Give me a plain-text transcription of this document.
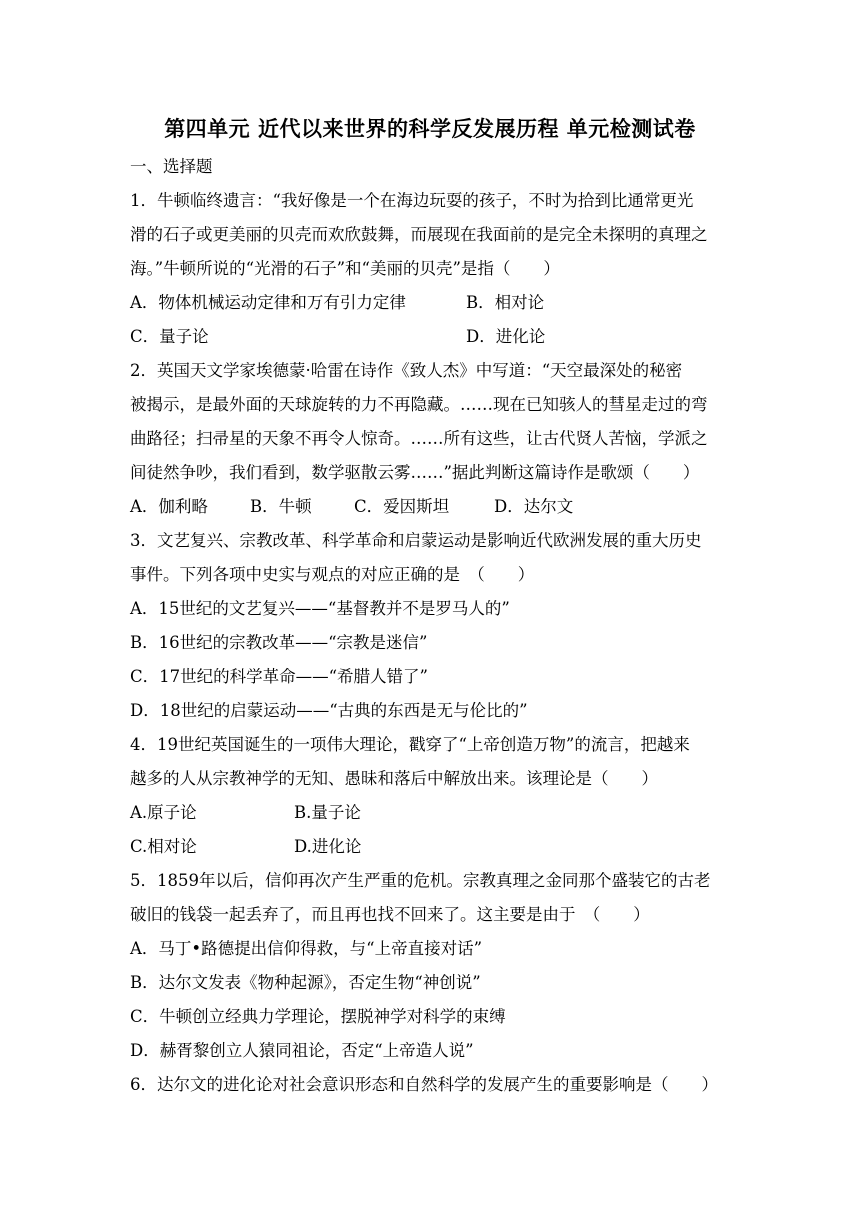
第四单元 近代以来世界的科学反发展历程 单元检测试卷
一、选择题
1．牛顿临终遗言：“我好像是一个在海边玩耍的孩子，不时为拾到比通常更光
滑的石子或更美丽的贝壳而欢欣鼓舞，而展现在我面前的是完全未探明的真理之
海。”牛顿所说的“光滑的石子”和“美丽的贝壳”是指（　　）
A．物体机械运动定律和万有引力定律	B．相对论
C．量子论	D．进化论
2．英国天文学家埃德蒙·哈雷在诗作《致人杰》中写道：“天空最深处的秘密
被揭示，是最外面的天球旋转的力不再隐藏。……现在已知骇人的彗星走过的弯
曲路径；扫帚星的天象不再令人惊奇。……所有这些，让古代贤人苦恼，学派之
间徒然争吵，我们看到，数学驱散云雾……”据此判断这篇诗作是歌颂（　　）
A．伽利略	B．牛顿	C．爱因斯坦	D．达尔文
3．文艺复兴、宗教改革、科学革命和启蒙运动是影响近代欧洲发展的重大历史
事件。下列各项中史实与观点的对应正确的是　（　　）
A．15世纪的文艺复兴——“基督教并不是罗马人的”
B．16世纪的宗教改革——“宗教是迷信”
C．17世纪的科学革命——“希腊人错了”
D．18世纪的启蒙运动——“古典的东西是无与伦比的”
4．19世纪英国诞生的一项伟大理论，戳穿了“上帝创造万物”的流言，把越来
越多的人从宗教神学的无知、愚昧和落后中解放出来。该理论是（　　）
A.原子论	B.量子论
C.相对论	D.进化论
5．1859年以后，信仰再次产生严重的危机。宗教真理之金同那个盛装它的古老
破旧的钱袋一起丢弃了，而且再也找不回来了。这主要是由于　（　　）
A．马丁•路德提出信仰得救，与“上帝直接对话”
B．达尔文发表《物种起源》，否定生物“神创说”
C．牛顿创立经典力学理论，摆脱神学对科学的束缚
D．赫胥黎创立人猿同祖论，否定“上帝造人说”
6．达尔文的进化论对社会意识形态和自然科学的发展产生的重要影响是（　　）
